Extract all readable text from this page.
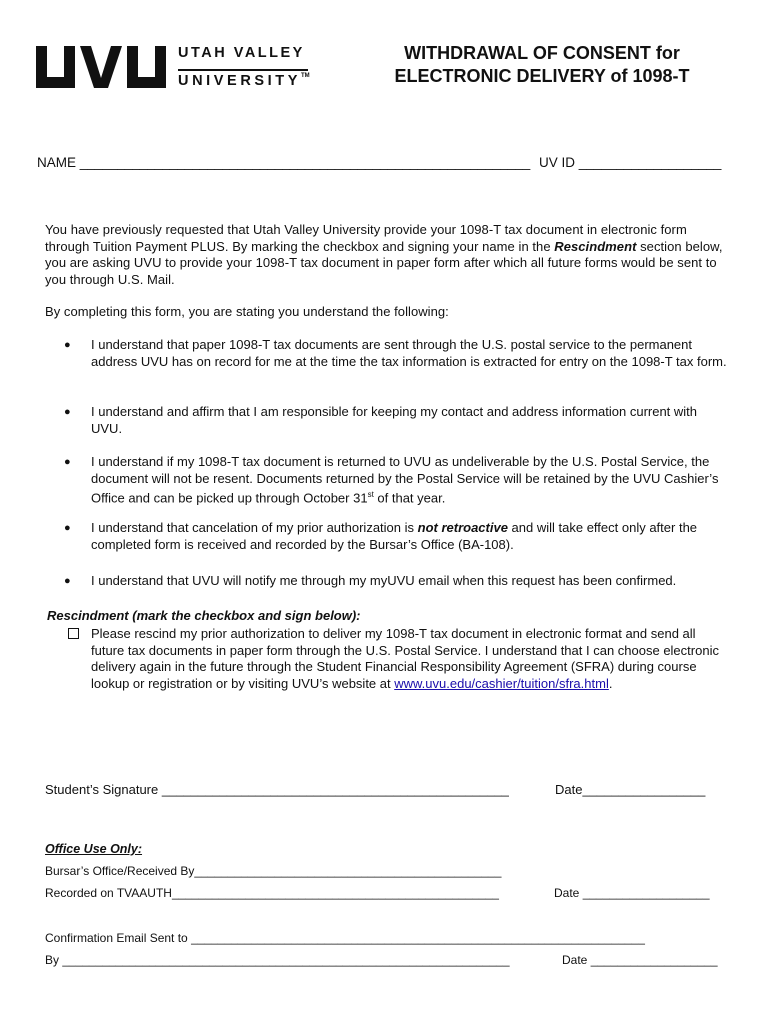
UTAH VALLEY
UNIVERSITY™
WITHDRAWAL OF CONSENT for
ELECTRONIC DELIVERY of 1098-T
NAME ____________________________________________________________ UV ID ___________________
You have previously requested that Utah Valley University provide your 1098-T tax document in electronic form through Tuition Payment PLUS. By marking the checkbox and signing your name in the Rescindment section below, you are asking UVU to provide your 1098-T tax document in paper form after which all future forms would be sent to you through U.S. Mail.
By completing this form, you are stating you understand the following:
● I understand that paper 1098-T tax documents are sent through the U.S. postal service to the permanent address UVU has on record for me at the time the tax information is extracted for entry on the 1098-T tax form.
● I understand and affirm that I am responsible for keeping my contact and address information current with UVU.
● I understand if my 1098-T tax document is returned to UVU as undeliverable by the U.S. Postal Service, the document will not be resent. Documents returned by the Postal Service will be retained by the UVU Cashier’s Office and can be picked up through October 31st of that year.
● I understand that cancelation of my prior authorization is not retroactive and will take effect only after the completed form is received and recorded by the Bursar’s Office (BA-108).
● I understand that UVU will notify me through my myUVU email when this request has been confirmed.
Rescindment (mark the checkbox and sign below):
Please rescind my prior authorization to deliver my 1098-T tax document in electronic format and send all future tax documents in paper form through the U.S. Postal Service. I understand that I can choose electronic delivery again in the future through the Student Financial Responsibility Agreement (SFRA) during course lookup or registration or by visiting UVU’s website at www.uvu.edu/cashier/tuition/sfra.html.
Student’s Signature ________________________________________________	Date_________________
Office Use Only:
Bursar’s Office/Received By______________________________________________
Recorded on TVAAUTH_________________________________________________	Date ___________________
Confirmation Email Sent to ____________________________________________________________________
By ___________________________________________________________________	Date ___________________
